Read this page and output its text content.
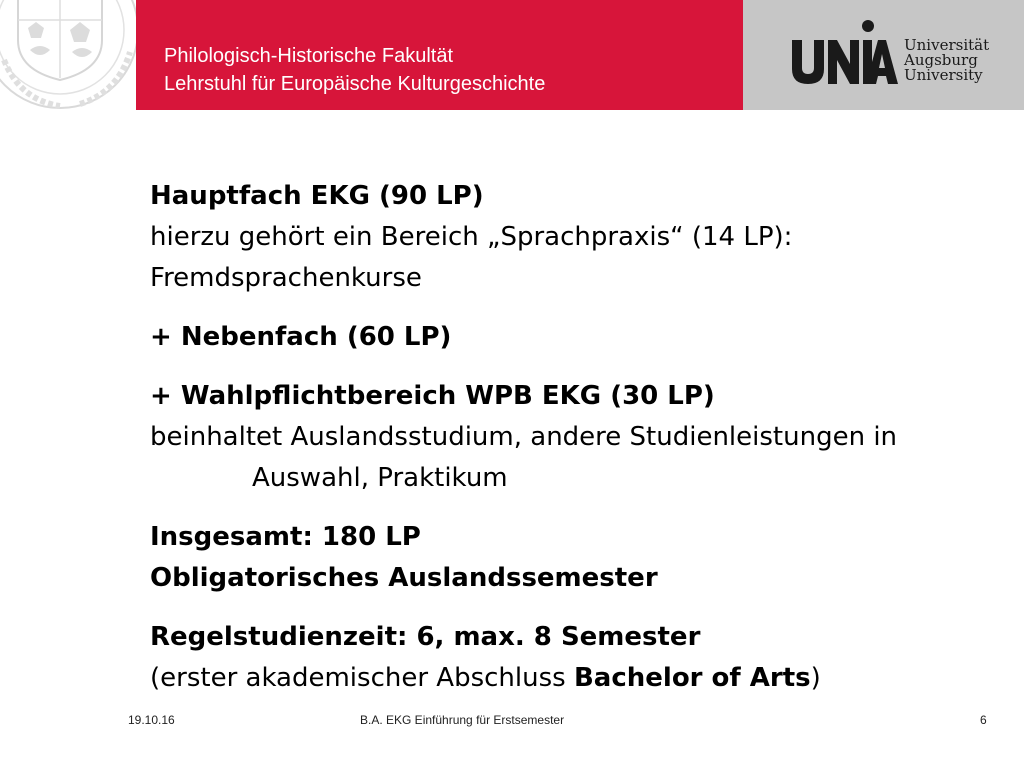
Philologisch-Historische Fakultät
Lehrstuhl für Europäische Kulturgeschichte
Universität
Augsburg
University

Hauptfach EKG (90 LP)

hierzu gehört ein Bereich „Sprachpraxis“ (14 LP):

Fremdsprachenkurse

+ Nebenfach (60 LP)

+ Wahlpflichtbereich WPB EKG (30 LP)

beinhaltet Auslandsstudium, andere Studienleistungen in

Auswahl, Praktikum

Insgesamt: 180 LP

Obligatorisches Auslandssemester

Regelstudienzeit: 6, max. 8 Semester

(erster akademischer Abschluss Bachelor of Arts)

19.10.16	B.A. EKG Einführung für Erstsemester	6
